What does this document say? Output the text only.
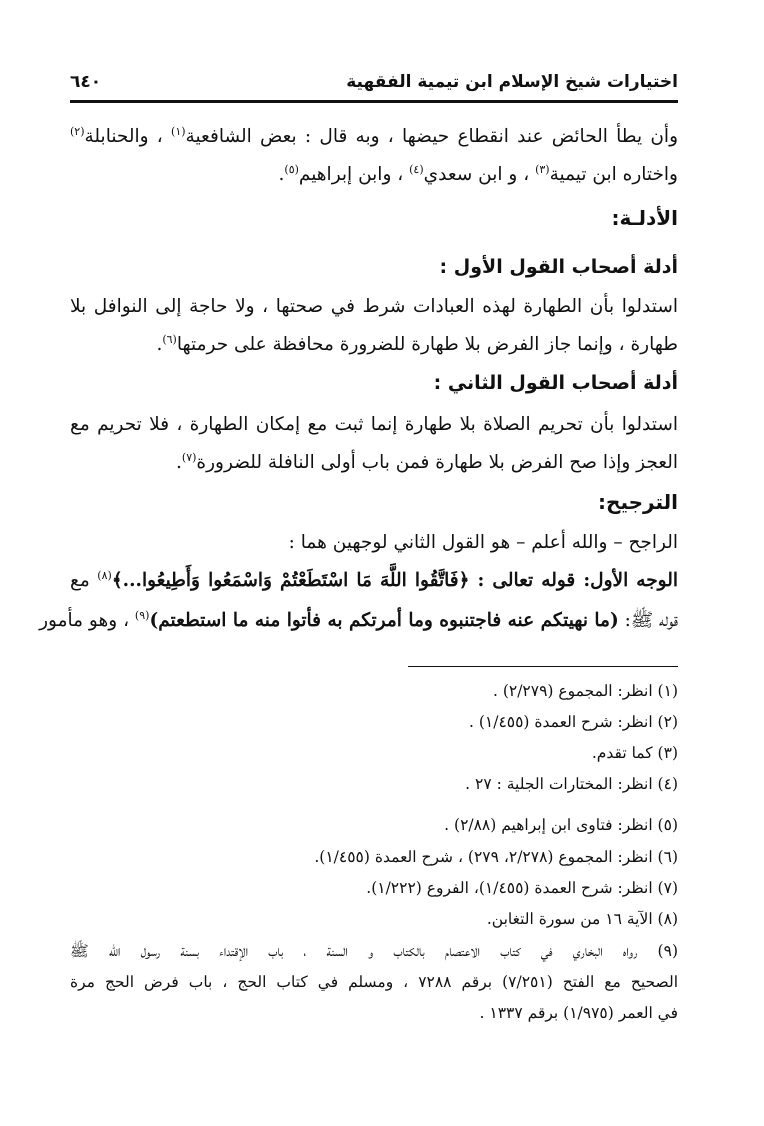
اختيارات شيخ الإسلام ابن تيمية الفقهية
٦٤٠
وأن يطأ الحائض عند انقطاع حيضها ، وبه قال : بعض الشافعية$^{(١)}$ ، والحنابلة$^{(٢)}$
واختاره ابن تيمية$^{(٣)}$ ، و ابن سعدي$^{(٤)}$ ، وابن إبراهيم$^{(٥)}$.
الأدلـة:
أدلة أصحاب القول الأول :
استدلوا بأن الطهارة لهذه العبادات شرط في صحتها ، ولا حاجة إلى النوافل بلا
طهارة ، وإنما جاز الفرض بلا طهارة للضرورة محافظة على حرمتها$^{(٦)}$.
أدلة أصحاب القول الثاني :
استدلوا بأن تحريم الصلاة بلا طهارة إنما ثبت مع إمكان الطهارة ، فلا تحريم مع
العجز وإذا صح الفرض بلا طهارة فمن باب أولى النافلة للضرورة$^{(٧)}$.
الترجيح:
الراجح – والله أعلم – هو القول الثاني لوجهين هما :
الوجه الأول: قوله تعالى : ﴿فَاتَّقُوا اللَّهَ مَا اسْتَطَعْتُمْ وَاسْمَعُوا وَأَطِيعُوا...﴾$^{(٨)}$ مع
قوله ﷺ: (ما نهيتكم عنه فاجتنبوه وما أمرتكم به فأتوا منه ما استطعتم)$^{(٩)}$ ، وهو مأمور
(١) انظر: المجموع (٢/٢٧٩) .
(٢) انظر: شرح العمدة (١/٤٥٥) .
(٣) كما تقدم.
(٤) انظر: المختارات الجلية : ٢٧ .
(٥) انظر: فتاوى ابن إبراهيم (٢/٨٨) .
(٦) انظر: المجموع (٢/٢٧٨، ٢٧٩) ، شرح العمدة (١/٤٥٥).
(٧) انظر: شرح العمدة (١/٤٥٥)، الفروع (١/٢٢٢).
(٨) الآية ١٦ من سورة التغابن.
(٩) رواه البخاري في كتاب الاعتصام بالكتاب و السنة ، باب الإقتداء بسنة رسول الله ﷺ
الصحيح مع الفتح (٧/٢٥١) برقم ٧٢٨٨ ، ومسلم في كتاب الحج ، باب فرض الحج مرة
في العمر (١/٩٧٥) برقم ١٣٣٧ .
